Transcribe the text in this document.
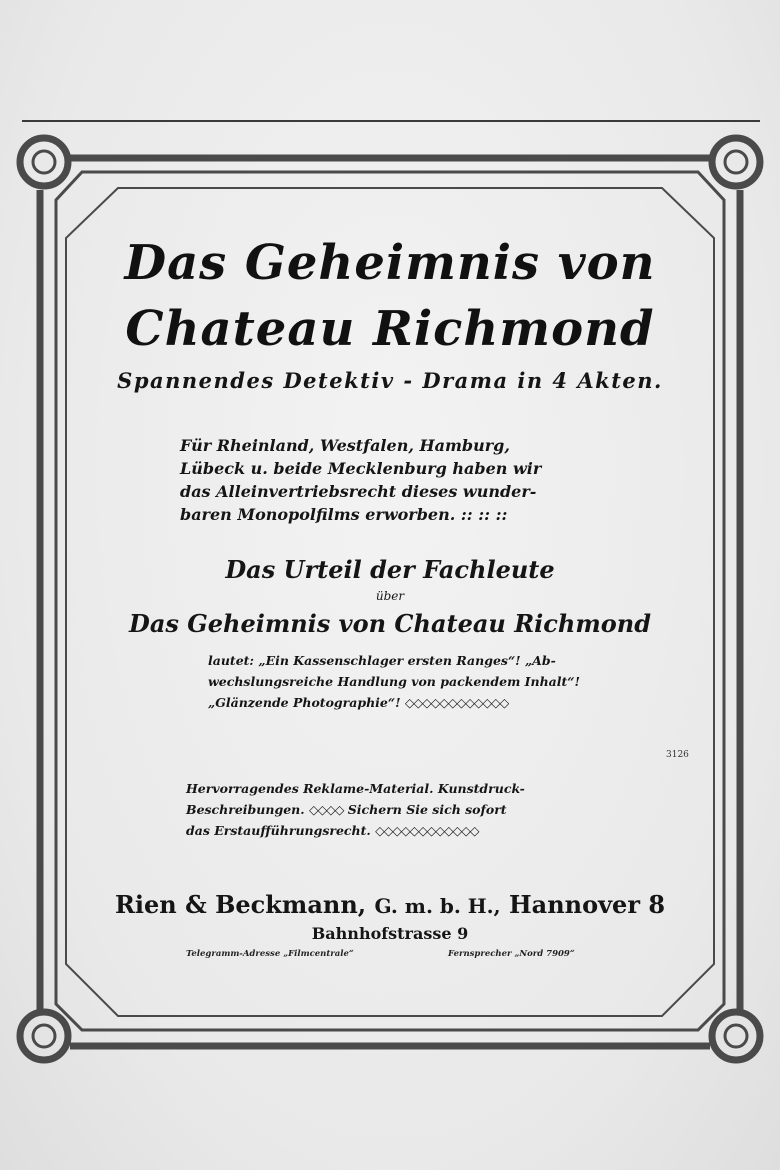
Das Geheimnis von
Chateau Richmond
Spannendes Detektiv - Drama in 4 Akten.
Für Rheinland, Westfalen, Hamburg,
Lübeck u. beide Mecklenburg haben wir
das Alleinvertriebsrecht dieses wunder-
baren Monopolfilms erworben. :: :: ::
Das Urteil der Fachleute
über
Das Geheimnis von Chateau Richmond
lautet: „Ein Kassenschlager ersten Ranges“! „Ab-
wechslungsreiche Handlung von packendem Inhalt“!
„Glänzende Photographie“! ◇◇◇◇◇◇◇◇◇◇◇◇
3126
Hervorragendes Reklame-Material. Kunstdruck-
Beschreibungen. ◇◇◇◇ Sichern Sie sich sofort
das Erstaufführungsrecht. ◇◇◇◇◇◇◇◇◇◇◇◇
Rien & Beckmann, G. m. b. H., Hannover 8
Bahnhofstrasse 9
Telegramm-Adresse „Filmcentrale“	Fernsprecher „Nord 7909“
